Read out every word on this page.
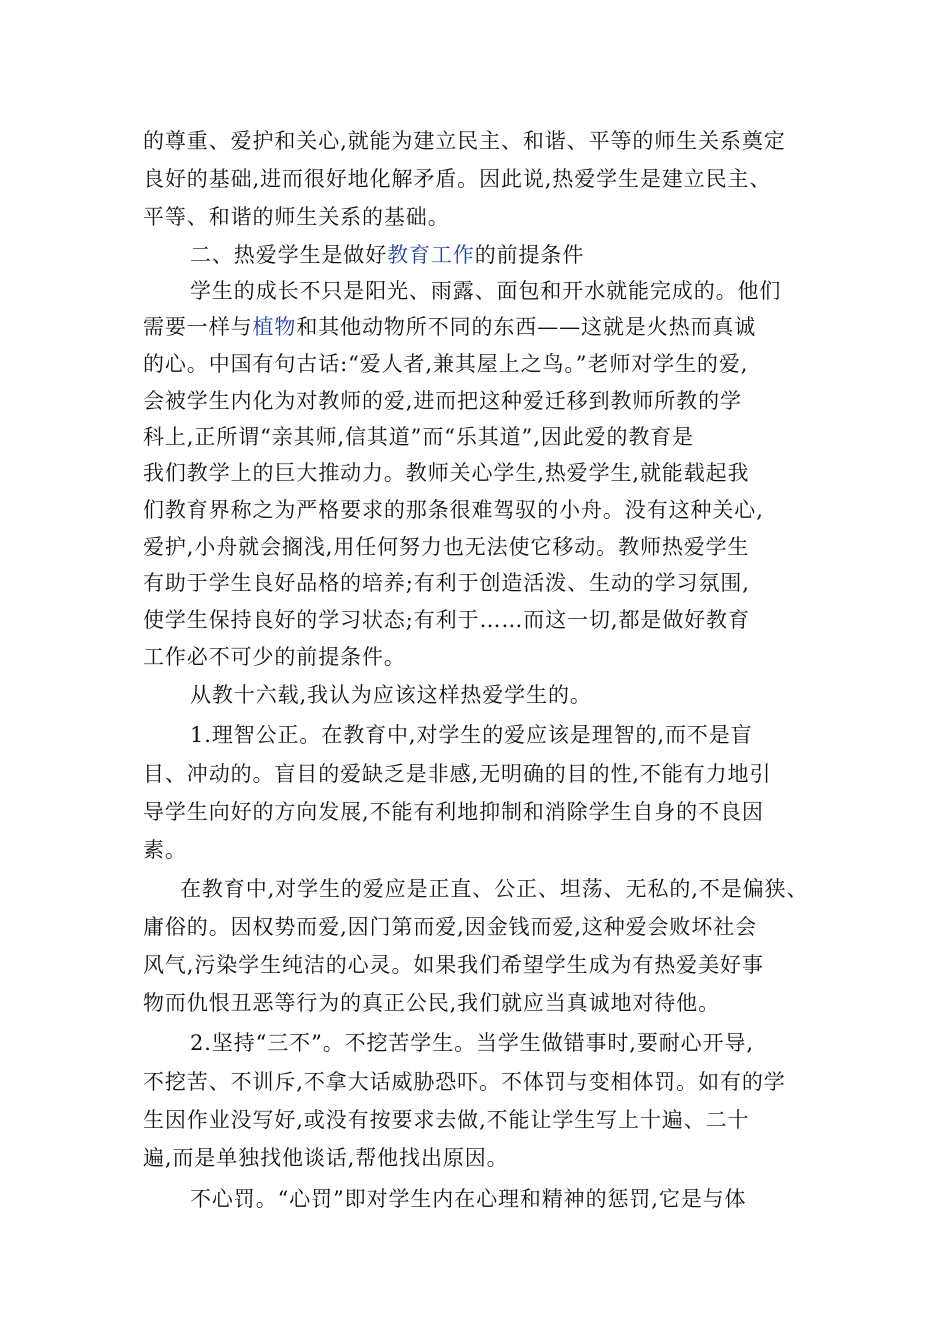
的尊重、爱护和关心,就能为建立民主、和谐、平等的师生关系奠定
良好的基础,进而很好地化解矛盾。因此说,热爱学生是建立民主、
平等、和谐的师生关系的基础。
二、热爱学生是做好教育工作的前提条件
学生的成长不只是阳光、雨露、面包和开水就能完成的。他们
需要一样与植物和其他动物所不同的东西——这就是火热而真诚
的心。中国有句古话:“爱人者,兼其屋上之鸟。”老师对学生的爱,
会被学生内化为对教师的爱,进而把这种爱迁移到教师所教的学
科上,正所谓“亲其师,信其道”而“乐其道”,因此爱的教育是
我们教学上的巨大推动力。教师关心学生,热爱学生,就能载起我
们教育界称之为严格要求的那条很难驾驭的小舟。没有这种关心,
爱护,小舟就会搁浅,用任何努力也无法使它移动。教师热爱学生
有助于学生良好品格的培养;有利于创造活泼、生动的学习氛围,
使学生保持良好的学习状态;有利于……而这一切,都是做好教育
工作必不可少的前提条件。
从教十六载,我认为应该这样热爱学生的。
1.理智公正。在教育中,对学生的爱应该是理智的,而不是盲
目、冲动的。盲目的爱缺乏是非感,无明确的目的性,不能有力地引
导学生向好的方向发展,不能有利地抑制和消除学生自身的不良因
素。
在教育中,对学生的爱应是正直、公正、坦荡、无私的,不是偏狭、
庸俗的。因权势而爱,因门第而爱,因金钱而爱,这种爱会败坏社会
风气,污染学生纯洁的心灵。如果我们希望学生成为有热爱美好事
物而仇恨丑恶等行为的真正公民,我们就应当真诚地对待他。
2.坚持“三不”。不挖苦学生。当学生做错事时,要耐心开导,
不挖苦、不训斥,不拿大话威胁恐吓。不体罚与变相体罚。如有的学
生因作业没写好,或没有按要求去做,不能让学生写上十遍、二十
遍,而是单独找他谈话,帮他找出原因。
不心罚。“心罚”即对学生内在心理和精神的惩罚,它是与体
